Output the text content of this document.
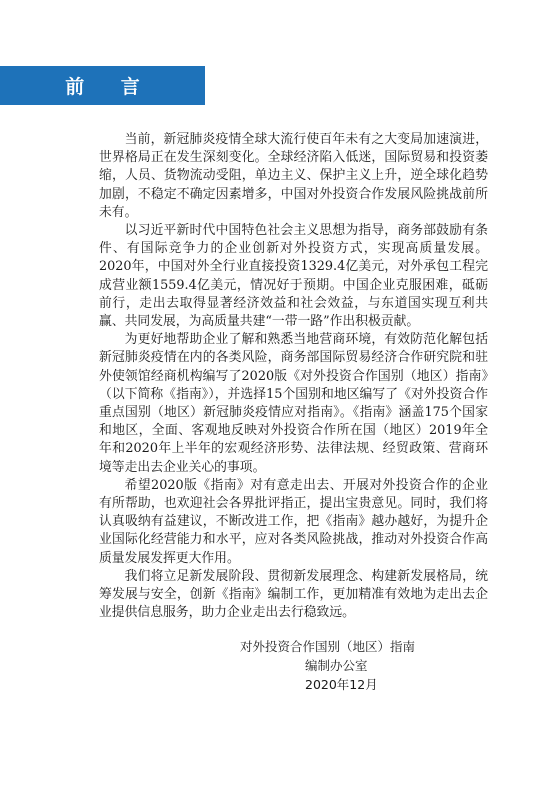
前 言

当前，新冠肺炎疫情全球大流行使百年未有之大变局加速演进，世界格局正在发生深刻变化。全球经济陷入低迷，国际贸易和投资萎缩，人员、货物流动受阻，单边主义、保护主义上升，逆全球化趋势加剧，不稳定不确定因素增多，中国对外投资合作发展风险挑战前所未有。

以习近平新时代中国特色社会主义思想为指导，商务部鼓励有条件、有国际竞争力的企业创新对外投资方式，实现高质量发展。2020年，中国对外全行业直接投资1329.4亿美元，对外承包工程完成营业额1559.4亿美元，情况好于预期。中国企业克服困难，砥砺前行，走出去取得显著经济效益和社会效益，与东道国实现互利共赢、共同发展，为高质量共建“一带一路”作出积极贡献。

为更好地帮助企业了解和熟悉当地营商环境，有效防范化解包括新冠肺炎疫情在内的各类风险，商务部国际贸易经济合作研究院和驻外使领馆经商机构编写了2020版《对外投资合作国别（地区）指南》（以下简称《指南》），并选择15个国别和地区编写了《对外投资合作重点国别（地区）新冠肺炎疫情应对指南》。《指南》涵盖175个国家和地区，全面、客观地反映对外投资合作所在国（地区）2019年全年和2020年上半年的宏观经济形势、法律法规、经贸政策、营商环境等走出去企业关心的事项。

希望2020版《指南》对有意走出去、开展对外投资合作的企业有所帮助，也欢迎社会各界批评指正，提出宝贵意见。同时，我们将认真吸纳有益建议，不断改进工作，把《指南》越办越好，为提升企业国际化经营能力和水平，应对各类风险挑战，推动对外投资合作高质量发展发挥更大作用。

我们将立足新发展阶段、贯彻新发展理念、构建新发展格局，统筹发展与安全，创新《指南》编制工作，更加精准有效地为走出去企业提供信息服务，助力企业走出去行稳致远。

对外投资合作国别（地区）指南
编制办公室
2020年12月
